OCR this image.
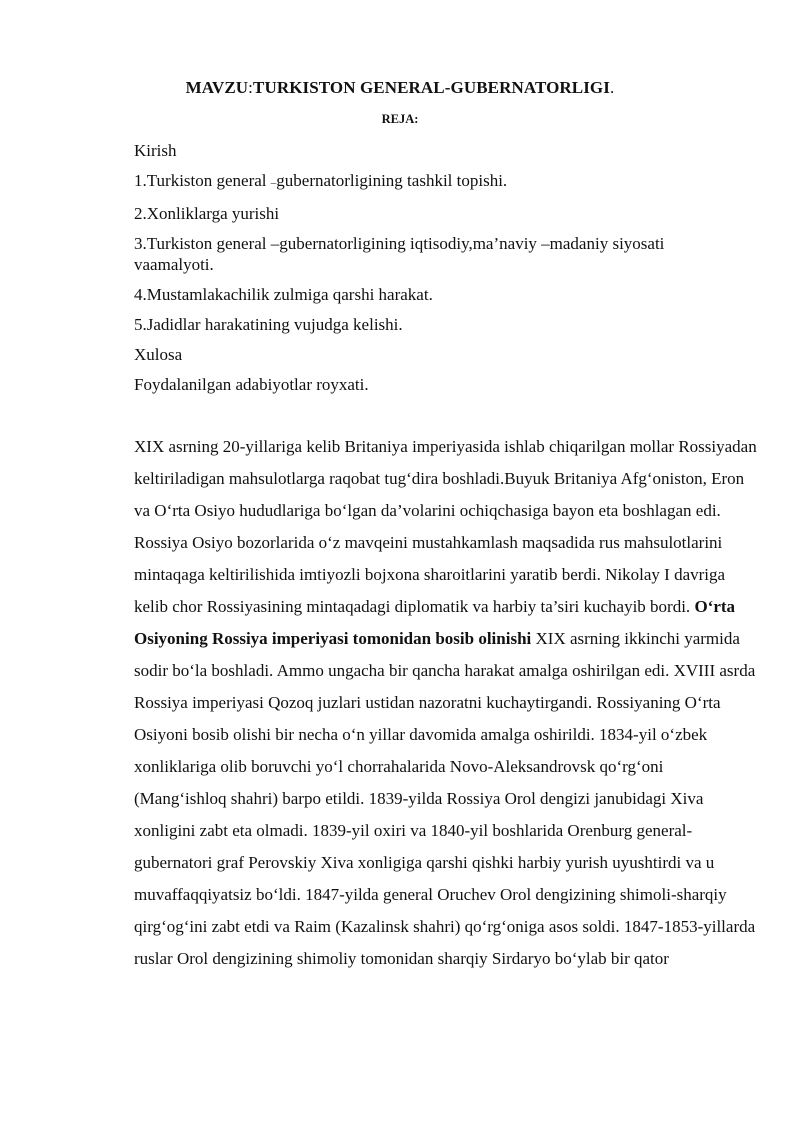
MAVZU:TURKISTON GENERAL-GUBERNATORLIGI.
REJA:
Kirish
1.Turkiston general –gubernatorligining tashkil topishi.
2.Xonliklarga yurishi
3.Turkiston general –gubernatorligining iqtisodiy,ma’naviy –madaniy siyosati vaamalyoti.
4.Mustamlakachilik zulmiga qarshi harakat.
5.Jadidlar harakatining vujudga kelishi.
Xulosa
Foydalanilgan adabiyotlar royxati.

XIX asrning 20-yillariga kelib Britaniya imperiyasida ishlab chiqarilgan mollar Rossiyadan keltiriladigan mahsulotlarga raqobat tug‘dira boshladi.Buyuk Britaniya Afg‘oniston, Eron va O‘rta Osiyo hududlariga bo‘lgan da’volarini ochiqchasiga bayon eta boshlagan edi. Rossiya Osiyo bozorlarida o‘z mavqeini mustahkamlash maqsadida rus mahsulotlarini mintaqaga keltirilishida imtiyozli bojxona sharoitlarini yaratib berdi. Nikolay I davriga kelib chor Rossiyasining mintaqadagi diplomatik va harbiy ta’siri kuchayib bordi. O‘rta Osiyoning Rossiya imperiyasi tomonidan bosib olinishi XIX asrning ikkinchi yarmida sodir bo‘la boshladi. Ammo ungacha bir qancha harakat amalga oshirilgan edi. XVIII asrda Rossiya imperiyasi Qozoq juzlari ustidan nazoratni kuchaytirgandi. Rossiyaning O‘rta Osiyoni bosib olishi bir necha o‘n yillar davomida amalga oshirildi. 1834-yil o‘zbek xonliklariga olib boruvchi yo‘l chorrahalarida Novo-Aleksandrovsk qo‘rg‘oni (Mang‘ishloq shahri) barpo etildi. 1839-yilda Rossiya Orol dengizi janubidagi Xiva xonligini zabt eta olmadi. 1839-yil oxiri va 1840-yil boshlarida Orenburg general-gubernatori graf Perovskiy Xiva xonligiga qarshi qishki harbiy yurish uyushtirdi va u muvaffaqqiyatsiz bo‘ldi. 1847-yilda general Oruchev Orol dengizining shimoli-sharqiy qirg‘og‘ini zabt etdi va Raim (Kazalinsk shahri) qo‘rg‘oniga asos soldi. 1847-1853-yillarda ruslar Orol dengizining shimoliy tomonidan sharqiy Sirdaryo bo‘ylab bir qator
